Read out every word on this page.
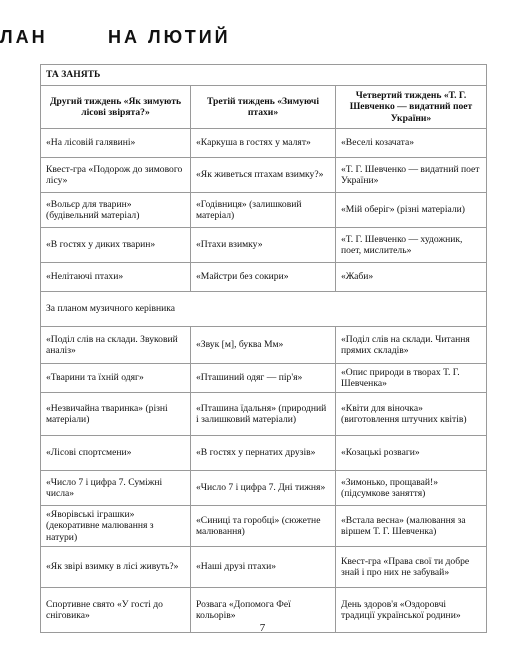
ЛАН	НА ЛЮТИЙ
ТА ЗАНЯТЬ		
Другий тиждень «Як зимують лісові звірята?»	Третій тиждень «Зимуючі птахи»	Четвертий тиждень «Т. Г. Шевченко — видатний поет України»
«На лісовій галявині»	«Каркуша в гостях у малят»	«Веселі козачата»
Квест-гра «Подорож до зимового лісу»	«Як живеться птахам взимку?»	«Т. Г. Шевченко — видатний поет України»
«Вольєр для тварин» (будівельний матеріал)	«Годівниця» (залишковий матеріал)	«Мій оберіг» (різні матеріали)
«В гостях у диких тварин»	«Птахи взимку»	«Т. Г. Шевченко — художник, поет, мислитель»
«Нелітаючі птахи»	«Майстри без сокири»	«Жаби»
За планом музичного керівника		
«Поділ слів на склади. Звуковий аналіз»	«Звук [м], буква Мм»	«Поділ слів на склади. Читання прямих складів»
«Тварини та їхній одяг»	«Пташиний одяг — пір'я»	«Опис природи в творах Т. Г. Шевченка»
«Незвичайна тваринка» (різні матеріали)	«Пташина їдальня» (природний і залишковий матеріали)	«Квіти для віночка» (виготовлення штучних квітів)
«Лісові спортсмени»	«В гостях у пернатих друзів»	«Козацькі розваги»
«Число 7 і цифра 7. Суміжні числа»	«Число 7 і цифра 7. Дні тижня»	«Зимонько, прощавай!» (підсумкове заняття)
«Яворівські іграшки» (декоративне малювання з натури)	«Синиці та горобці» (сюжетне малювання)	«Встала весна» (малювання за віршем Т. Г. Шевченка)
«Як звірі взимку в лісі живуть?»	«Наші друзі птахи»	Квест-гра «Права свої ти добре знай і про них не забувай»
Спортивне свято «У гості до сніговика»	Розвага «Допомога Феї кольорів»	День здоров'я «Оздоровчі традиції української родини»
7
